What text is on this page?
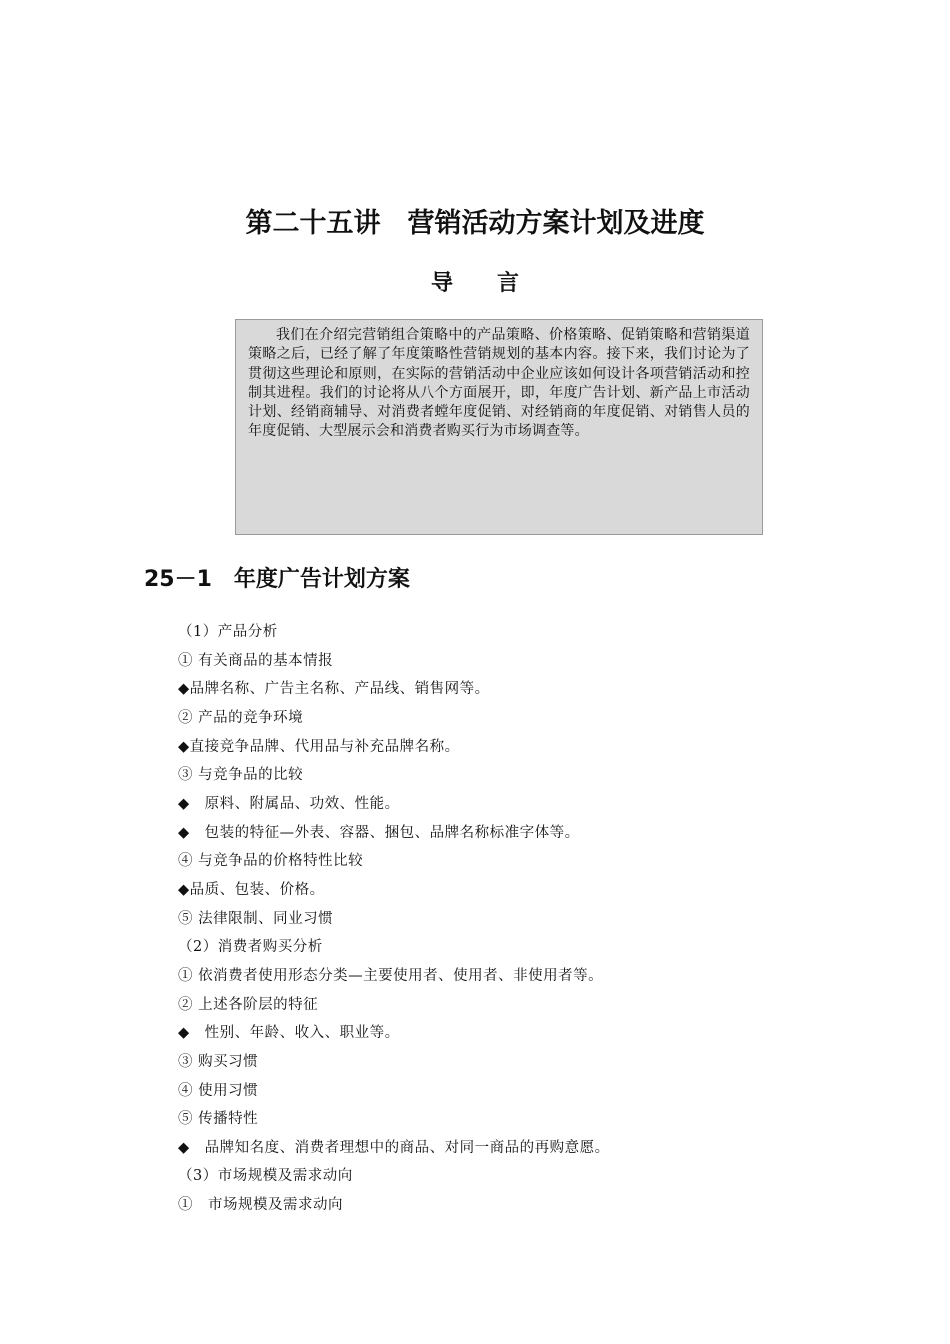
第二十五讲　营销活动方案计划及进度
导　　言

我们在介绍完营销组合策略中的产品策略、价格策略、促销策略和营销渠道策略之后，已经了解了年度策略性营销规划的基本内容。接下来，我们讨论为了贯彻这些理论和原则，在实际的营销活动中企业应该如何设计各项营销活动和控制其进程。我们的讨论将从八个方面展开，即，年度广告计划、新产品上市活动计划、经销商辅导、对消费者螳年度促销、对经销商的年度促销、对销售人员的年度促销、大型展示会和消费者购买行为市场调查等。

25－1　年度广告计划方案
（1）产品分析
① 有关商品的基本情报
◆品牌名称、广告主名称、产品线、销售网等。
② 产品的竞争环境
◆直接竞争品牌、代用品与补充品牌名称。
③ 与竞争品的比较
◆　原料、附属品、功效、性能。
◆　包装的特征—外表、容器、捆包、品牌名称标准字体等。
④ 与竞争品的价格特性比较
◆品质、包装、价格。
⑤ 法律限制、同业习惯
（2）消费者购买分析
① 依消费者使用形态分类—主要使用者、使用者、非使用者等。
② 上述各阶层的特征
◆　性别、年龄、收入、职业等。
③ 购买习惯
④ 使用习惯
⑤ 传播特性
◆　品牌知名度、消费者理想中的商品、对同一商品的再购意愿。
（3）市场规模及需求动向
①　市场规模及需求动向
